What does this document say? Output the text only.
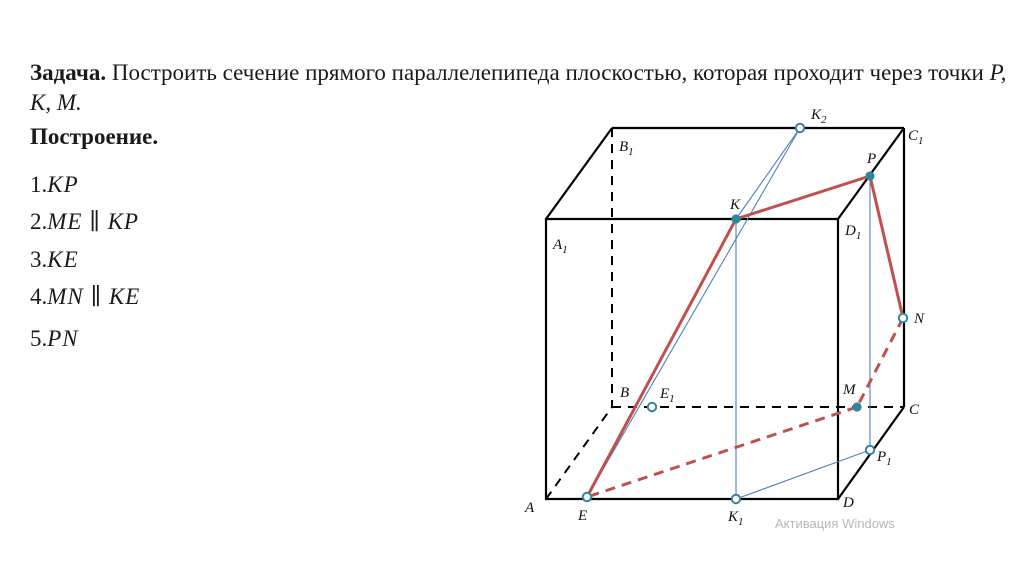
Задача. Построить сечение прямого параллелепипеда плоскостью, которая проходит через точки P, K, M.
Построение.
1.KP
2.ME ∥ KP
3.KE
4.MN ∥ KE
5.PN
A
B
C
D
$A_1$
$B_1$
$C_1$
$D_1$
K
P
M
N
E
$K_2$
$E_1$
$P_1$
$K_1$ Активация Windows
